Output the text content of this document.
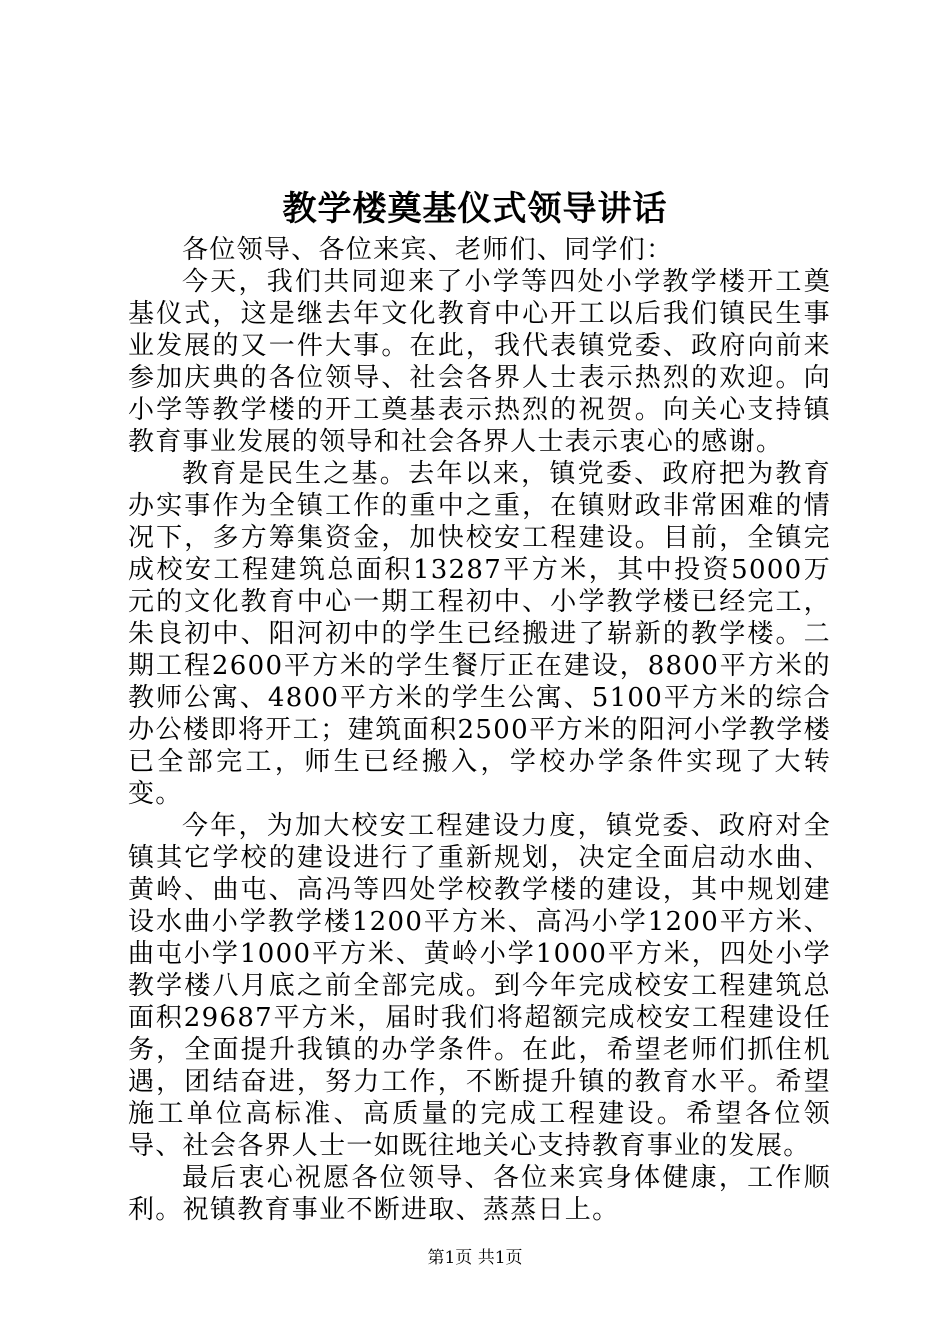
教学楼奠基仪式领导讲话

各位领导、各位来宾、老师们、同学们：

今天，我们共同迎来了小学等四处小学教学楼开工奠基仪式，这是继去年文化教育中心开工以后我们镇民生事业发展的又一件大事。在此，我代表镇党委、政府向前来参加庆典的各位领导、社会各界人士表示热烈的欢迎。向小学等教学楼的开工奠基表示热烈的祝贺。向关心支持镇教育事业发展的领导和社会各界人士表示衷心的感谢。

教育是民生之基。去年以来，镇党委、政府把为教育办实事作为全镇工作的重中之重，在镇财政非常困难的情况下，多方筹集资金，加快校安工程建设。目前，全镇完成校安工程建筑总面积13287平方米，其中投资5000万元的文化教育中心一期工程初中、小学教学楼已经完工，朱良初中、阳河初中的学生已经搬进了崭新的教学楼。二期工程2600平方米的学生餐厅正在建设，8800平方米的教师公寓、4800平方米的学生公寓、5100平方米的综合办公楼即将开工；建筑面积2500平方米的阳河小学教学楼已全部完工，师生已经搬入，学校办学条件实现了大转变。

今年，为加大校安工程建设力度，镇党委、政府对全镇其它学校的建设进行了重新规划，决定全面启动水曲、黄岭、曲屯、高冯等四处学校教学楼的建设，其中规划建设水曲小学教学楼1200平方米、高冯小学1200平方米、曲屯小学1000平方米、黄岭小学1000平方米，四处小学教学楼八月底之前全部完成。到今年完成校安工程建筑总面积29687平方米，届时我们将超额完成校安工程建设任务，全面提升我镇的办学条件。在此，希望老师们抓住机遇，团结奋进，努力工作，不断提升镇的教育水平。希望施工单位高标准、高质量的完成工程建设。希望各位领导、社会各界人士一如既往地关心支持教育事业的发展。

最后衷心祝愿各位领导、各位来宾身体健康，工作顺利。祝镇教育事业不断进取、蒸蒸日上。

第1页 共1页
